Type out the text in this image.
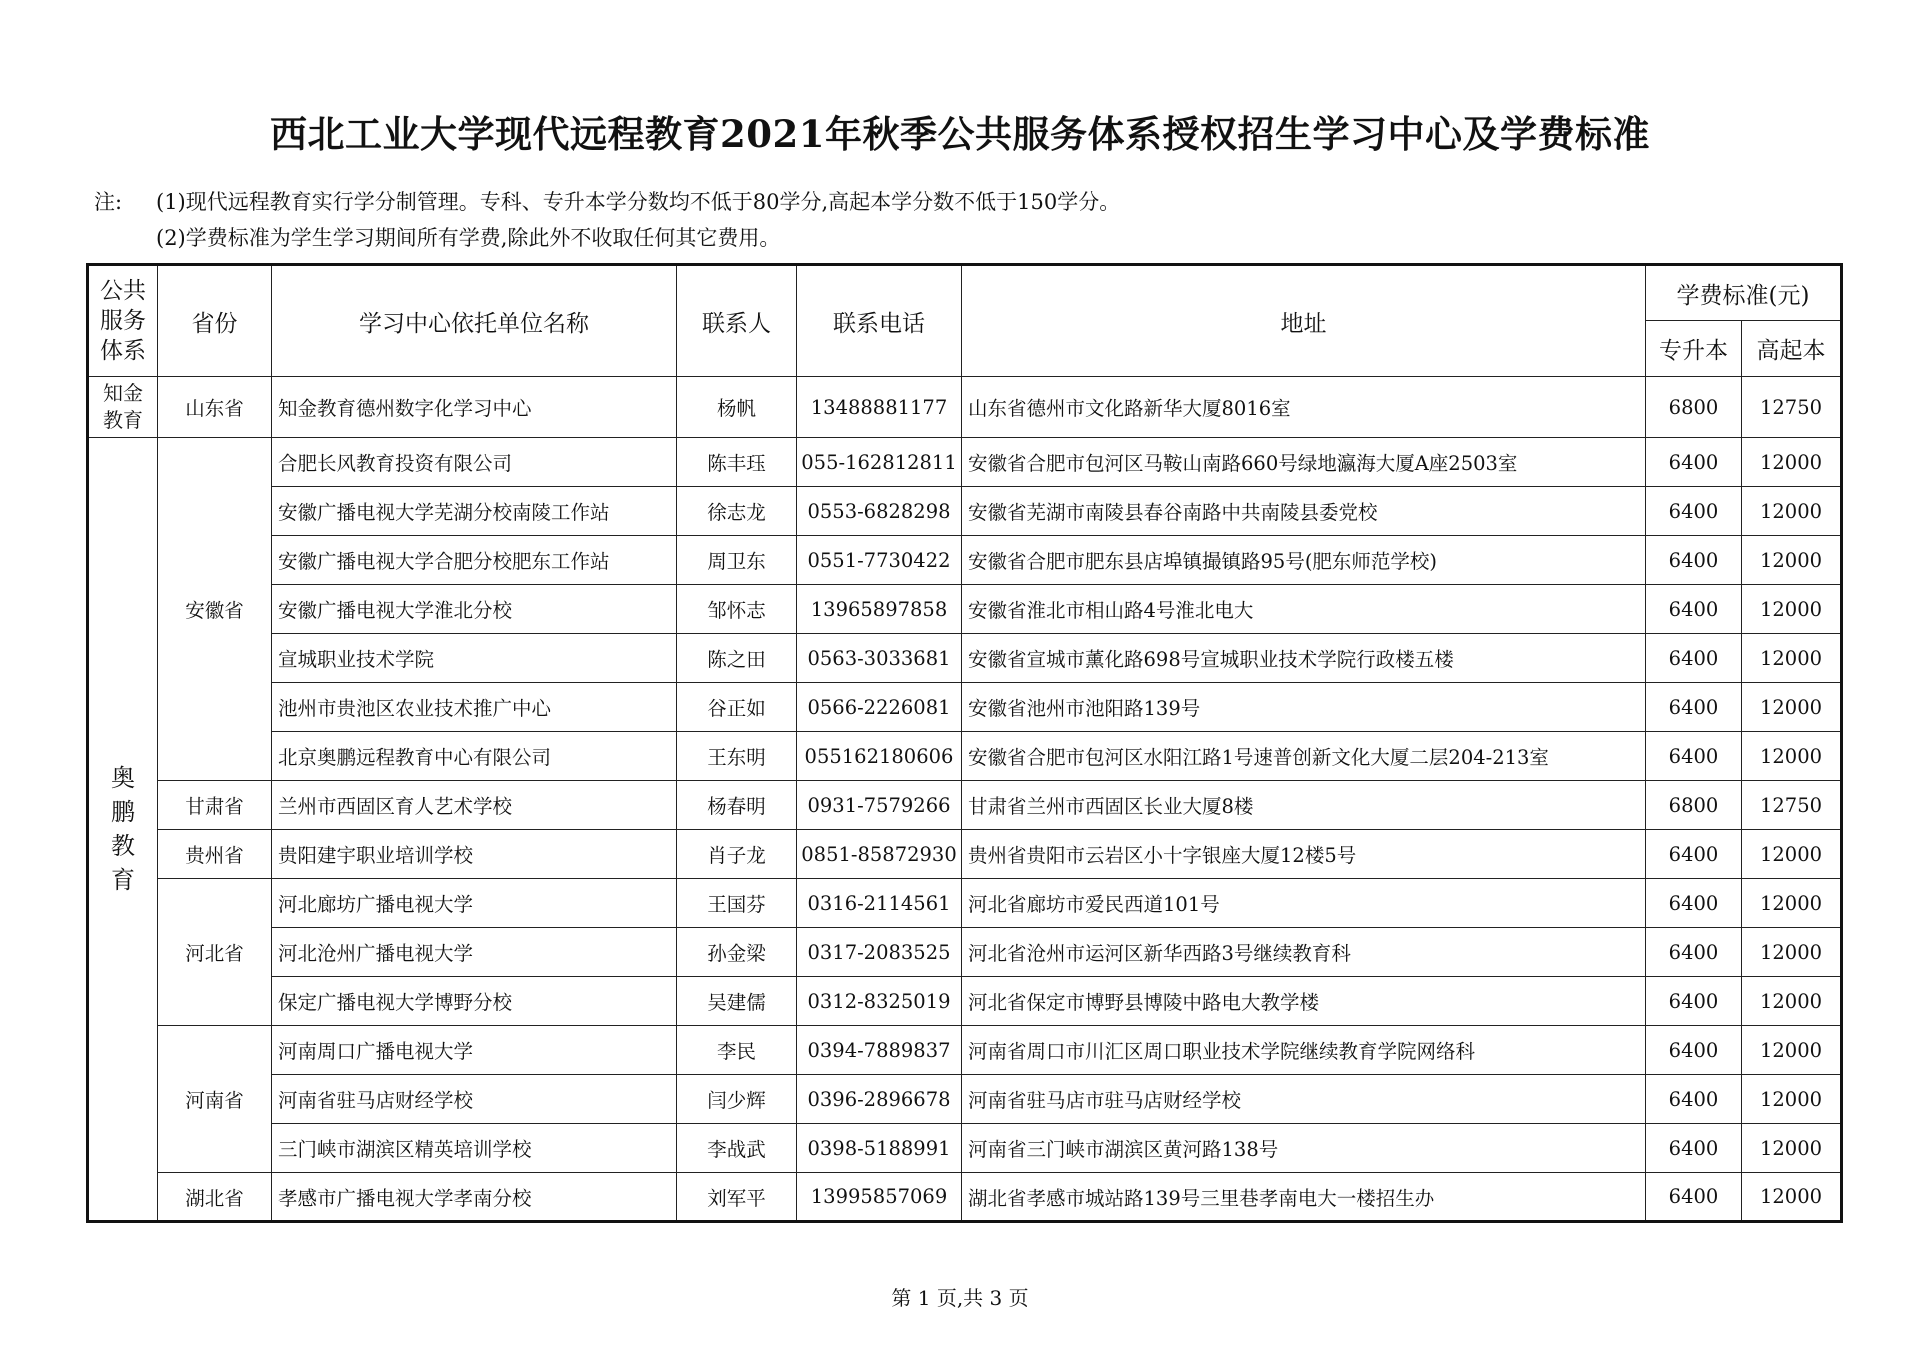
西北工业大学现代远程教育2021年秋季公共服务体系授权招生学习中心及学费标准
注: (1)现代远程教育实行学分制管理。专科、专升本学分数均不低于80学分,高起本学分数不低于150学分。
(2)学费标准为学生学习期间所有学费,除此外不收取任何其它费用。
公共服务体系	省份	学习中心依托单位名称	联系人	联系电话	地址	学费标准(元)	
						专升本	高起本
知金教育	山东省	知金教育德州数字化学习中心	杨帆	13488881177	山东省德州市文化路新华大厦8016室	6800	12750
奥鹏教育	安徽省	合肥长风教育投资有限公司	陈丰珏	055-162812811	安徽省合肥市包河区马鞍山南路660号绿地瀛海大厦A座2503室	6400	12000
		安徽广播电视大学芜湖分校南陵工作站	徐志龙	0553-6828298	安徽省芜湖市南陵县春谷南路中共南陵县委党校	6400	12000
		安徽广播电视大学合肥分校肥东工作站	周卫东	0551-7730422	安徽省合肥市肥东县店埠镇撮镇路95号(肥东师范学校)	6400	12000
		安徽广播电视大学淮北分校	邹怀志	13965897858	安徽省淮北市相山路4号淮北电大	6400	12000
		宣城职业技术学院	陈之田	0563-3033681	安徽省宣城市薰化路698号宣城职业技术学院行政楼五楼	6400	12000
		池州市贵池区农业技术推广中心	谷正如	0566-2226081	安徽省池州市池阳路139号	6400	12000
		北京奥鹏远程教育中心有限公司	王东明	055162180606	安徽省合肥市包河区水阳江路1号速普创新文化大厦二层204-213室	6400	12000
	甘肃省	兰州市西固区育人艺术学校	杨春明	0931-7579266	甘肃省兰州市西固区长业大厦8楼	6800	12750
	贵州省	贵阳建宇职业培训学校	肖子龙	0851-85872930	贵州省贵阳市云岩区小十字银座大厦12楼5号	6400	12000
	河北省	河北廊坊广播电视大学	王国芬	0316-2114561	河北省廊坊市爱民西道101号	6400	12000
		河北沧州广播电视大学	孙金梁	0317-2083525	河北省沧州市运河区新华西路3号继续教育科	6400	12000
		保定广播电视大学博野分校	吴建儒	0312-8325019	河北省保定市博野县博陵中路电大教学楼	6400	12000
	河南省	河南周口广播电视大学	李民	0394-7889837	河南省周口市川汇区周口职业技术学院继续教育学院网络科	6400	12000
		河南省驻马店财经学校	闫少辉	0396-2896678	河南省驻马店市驻马店财经学校	6400	12000
		三门峡市湖滨区精英培训学校	李战武	0398-5188991	河南省三门峡市湖滨区黄河路138号	6400	12000
	湖北省	孝感市广播电视大学孝南分校	刘军平	13995857069	湖北省孝感市城站路139号三里巷孝南电大一楼招生办	6400	12000
第 1 页,共 3 页
